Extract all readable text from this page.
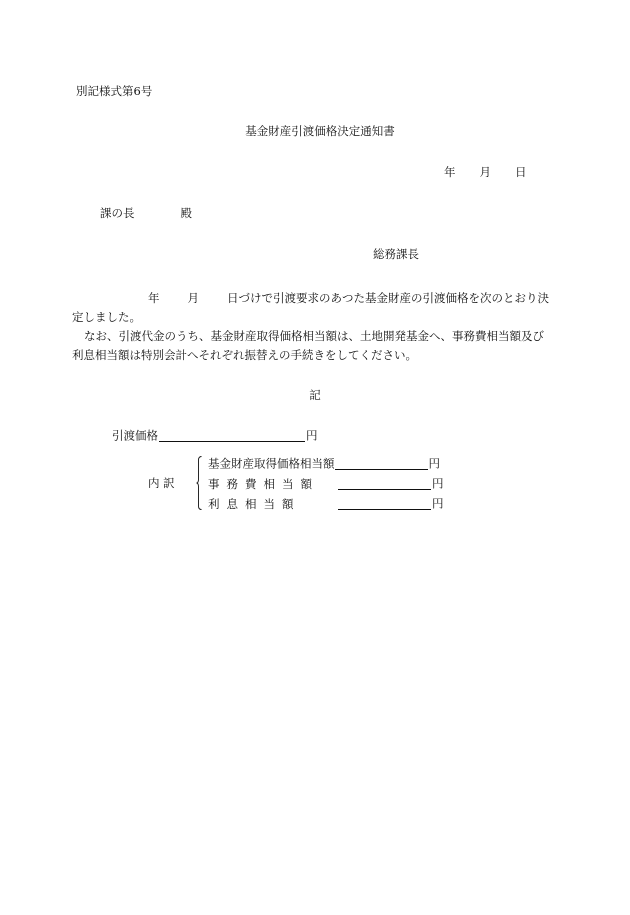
別記様式第6号
基金財産引渡価格決定通知書
年 月 日
課の長	殿
総務課長

年 月 日づけで引渡要求のあつた基金財産の引渡価格を次のとおり決定しました。

なお、引渡代金のうち、基金財産取得価格相当額は、土地開発基金へ、事務費相当額及び利息相当額は特別会計へそれぞれ振替えの手続きをしてください。

記
引渡価格	円
内 訳
基金財産取得価格相当額	円
事務費相当額	円
利息相当額	円
